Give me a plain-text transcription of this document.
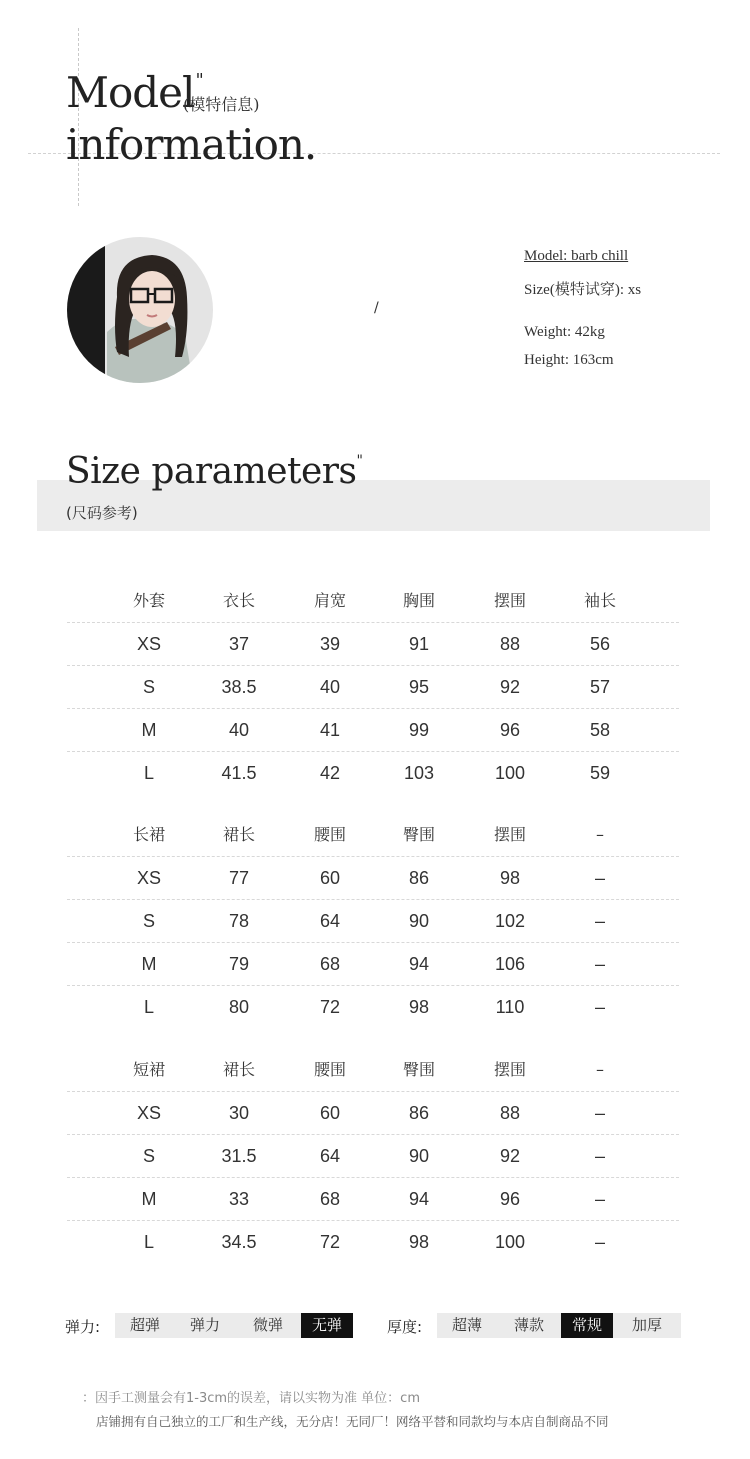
Model"
(模特信息)
information.
/
Model: barb chill
Size(模特试穿): xs
Weight: 42kg
Height: 163cm
Size parameters"
(尺码参考)
外套	衣长	肩宽	胸围	摆围	袖长
XS	37	39	91	88	56
S	38.5	40	95	92	57
M	40	41	99	96	58
L	41.5	42	103	100	59
长裙	裙长	腰围	臀围	摆围	–
XS	77	60	86	98	–
S	78	64	90	102	–
M	79	68	94	106	–
L	80	72	98	110	–
短裙	裙长	腰围	臀围	摆围	–
XS	30	60	86	88	–
S	31.5	64	90	92	–
M	33	68	94	96	–
L	34.5	72	98	100	–
弹力:	超弹	弹力	微弹	无弹	厚度:	超薄	薄款	常规	加厚
：因手工测量会有1-3cm的误差，请以实物为准 单位：cm
店铺拥有自己独立的工厂和生产线，无分店！无同厂！网络平替和同款均与本店自制商品不同
